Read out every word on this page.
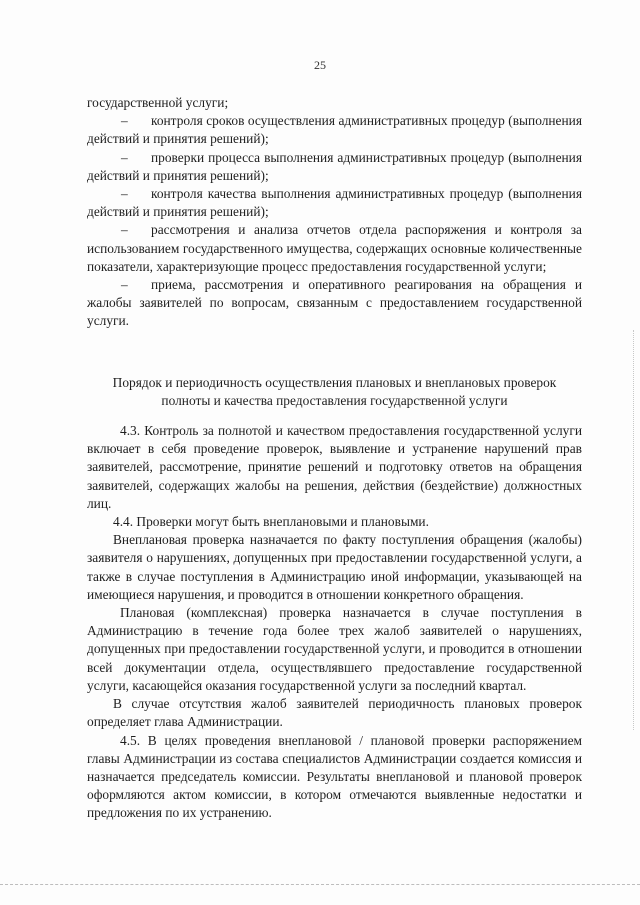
25

государственной услуги;

– контроля сроков осуществления административных процедур (выполнения действий и принятия решений);

– проверки процесса выполнения административных процедур (выполнения действий и принятия решений);

– контроля качества выполнения административных процедур (выполнения действий и принятия решений);

– рассмотрения и анализа отчетов отдела распоряжения и контроля за использованием государственного имущества, содержащих основные количественные показатели, характеризующие процесс предоставления государственной услуги;

– приема, рассмотрения и оперативного реагирования на обращения и жалобы заявителей по вопросам, связанным с предоставлением государственной услуги.

Порядок и периодичность осуществления плановых и внеплановых проверок

полноты и качества предоставления государственной услуги

4.3. Контроль за полнотой и качеством предоставления государственной услуги включает в себя проведение проверок, выявление и устранение нарушений прав заявителей, рассмотрение, принятие решений и подготовку ответов на обращения заявителей, содержащих жалобы на решения, действия (бездействие) должностных лиц.

4.4. Проверки могут быть внеплановыми и плановыми.

Внеплановая проверка назначается по факту поступления обращения (жалобы) заявителя о нарушениях, допущенных при предоставлении государственной услуги, а также в случае поступления в Администрацию иной информации, указывающей на имеющиеся нарушения, и проводится в отношении конкретного обращения.

Плановая (комплексная) проверка назначается в случае поступления в Администрацию в течение года более трех жалоб заявителей о нарушениях, допущенных при предоставлении государственной услуги, и проводится в отношении всей документации отдела, осуществлявшего предоставление государственной услуги, касающейся оказания государственной услуги за последний квартал.

В случае отсутствия жалоб заявителей периодичность плановых проверок определяет глава Администрации.

4.5. В целях проведения внеплановой / плановой проверки распоряжением главы Администрации из состава специалистов Администрации создается комиссия и назначается председатель комиссии. Результаты внеплановой и плановой проверок оформляются актом комиссии, в котором отмечаются выявленные недостатки и предложения по их устранению.
